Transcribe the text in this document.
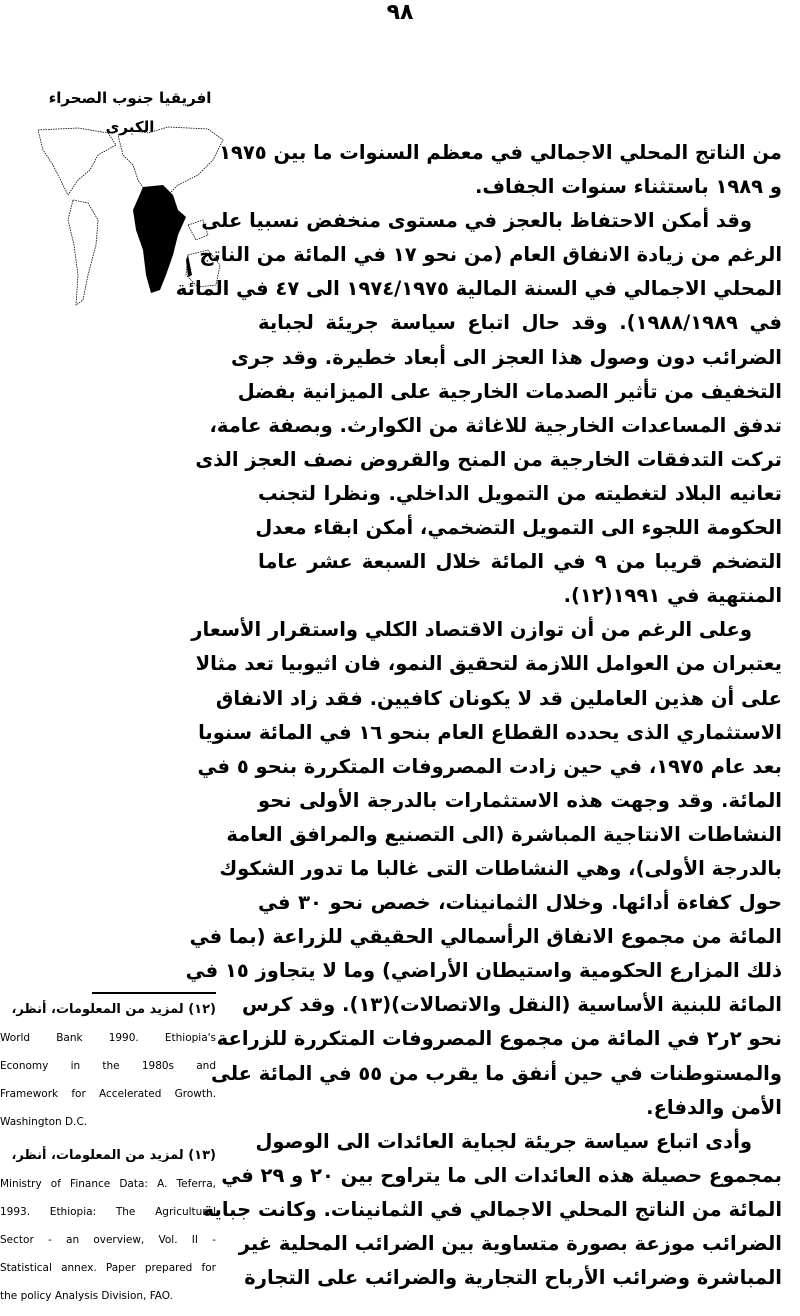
٩٨
افريقيا جنوب الصحراء
الكبرى
من الناتج المحلي الاجمالي في معظم السنوات ما بين ١٩٧٥
و ١٩٨٩ باستثناء سنوات الجفاف.
وقد أمكن الاحتفاظ بالعجز في مستوى منخفض نسبيا على
الرغم من زيادة الانفاق العام (من نحو ١٧ في المائة من الناتج
المحلي الاجمالي في السنة المالية ١٩٧٤/١٩٧٥ الى ٤٧ في المائة
في ١٩٨٨/١٩٨٩). وقد حال اتباع سياسة جريئة لجباية
الضرائب دون وصول هذا العجز الى أبعاد خطيرة. وقد جرى
التخفيف من تأثير الصدمات الخارجية على الميزانية بفضل
تدفق المساعدات الخارجية للاغاثة من الكوارث. وبصفة عامة،
تركت التدفقات الخارجية من المنح والقروض نصف العجز الذى
تعانيه البلاد لتغطيته من التمويل الداخلي. ونظرا لتجنب
الحكومة اللجوء الى التمويل التضخمي، أمكن ابقاء معدل
التضخم قريبا من ٩ في المائة خلال السبعة عشر عاما
المنتهية في ١٩٩١(١٢).
وعلى الرغم من أن توازن الاقتصاد الكلي واستقرار الأسعار
يعتبران من العوامل اللازمة لتحقيق النمو، فان اثيوبيا تعد مثالا
على أن هذين العاملين قد لا يكونان كافيين. فقد زاد الانفاق
الاستثماري الذى يحدده القطاع العام بنحو ١٦ في المائة سنويا
بعد عام ١٩٧٥، في حين زادت المصروفات المتكررة بنحو ٥ في
المائة. وقد وجهت هذه الاستثمارات بالدرجة الأولى نحو
النشاطات الانتاجية المباشرة (الى التصنيع والمرافق العامة
بالدرجة الأولى)، وهي النشاطات التى غالبا ما تدور الشكوك
حول كفاءة أدائها. وخلال الثمانينات، خصص نحو ٣٠ في
المائة من مجموع الانفاق الرأسمالي الحقيقي للزراعة (بما في
ذلك المزارع الحكومية واستيطان الأراضي) وما لا يتجاوز ١٥ في
المائة للبنية الأساسية (النقل والاتصالات)(١٣). وقد كرس
نحو ٢ر٢ في المائة من مجموع المصروفات المتكررة للزراعة
والمستوطنات في حين أنفق ما يقرب من ٥٥ في المائة على
الأمن والدفاع.
وأدى اتباع سياسة جريئة لجباية العائدات الى الوصول
بمجموع حصيلة هذه العائدات الى ما يتراوح بين ٢٠ و ٢٩ في
المائة من الناتج المحلي الاجمالي في الثمانينات. وكانت جباية
الضرائب موزعة بصورة متساوية بين الضرائب المحلية غير
المباشرة وضرائب الأرباح التجارية والضرائب على التجارة
(١٢) لمزيد من المعلومات، أنظر،
World Bank 1990. Ethiopia's
Economy in the 1980s and
Framework for Accelerated Growth.
Washington D.C.
(١٣) لمزيد من المعلومات، أنظر،
Ministry of Finance Data: A. Teferra,
1993. Ethiopia: The Agricultural
Sector - an overview, Vol. II -
Statistical annex. Paper prepared for
the policy Analysis Division, FAO.
